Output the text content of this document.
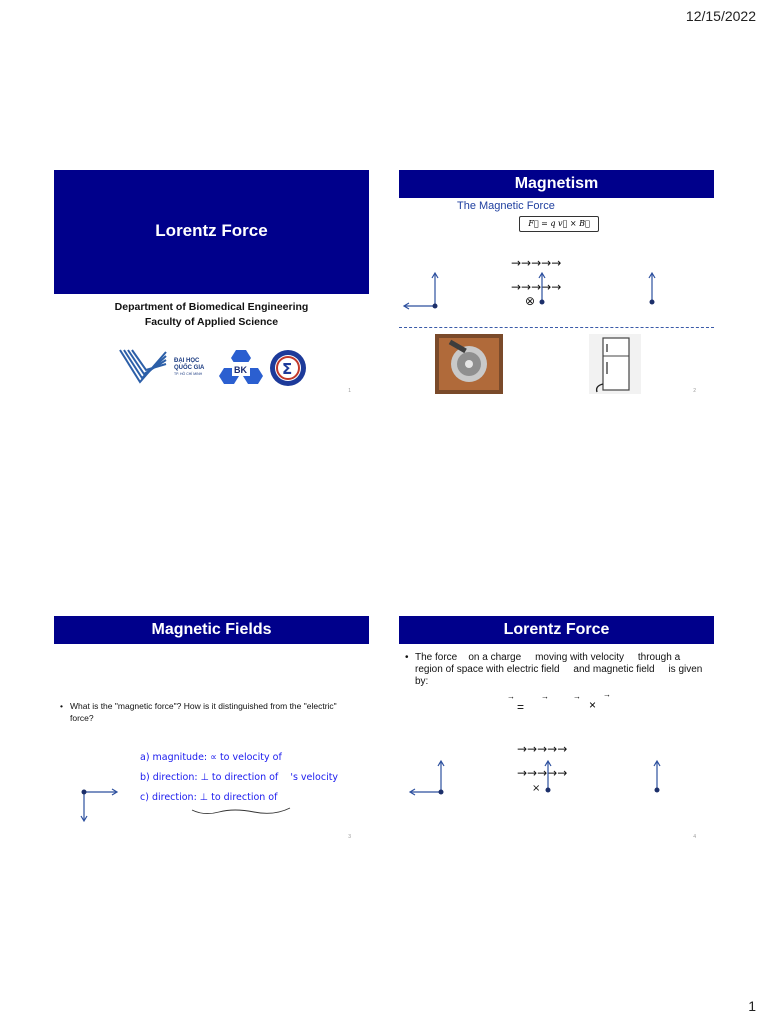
12/15/2022
Lorentz Force
Department of Biomedical Engineering
Faculty of Applied Science
ĐẠI HỌC
QUỐC GIA
TP. HỒ CHÍ MINH	BK Σ
1
Magnetism
The Magnetic Force
F⃗ = q v⃗ × B⃗
→→→→→
→→→→→
⊗
2
Magnetic Fields
• What is the "magnetic force"? How is it distinguished from the "electric" force?
a) magnitude: ∝ to velocity of
b) direction: ⊥ to direction of    's velocity
c) direction: ⊥ to direction of
3
Lorentz Force
• The force    on a charge     moving with velocity     through a region of space with electric field     and magnetic field     is given by:
→
=
→	→
×
→
→→→→→
→→→→→
×
4
1
